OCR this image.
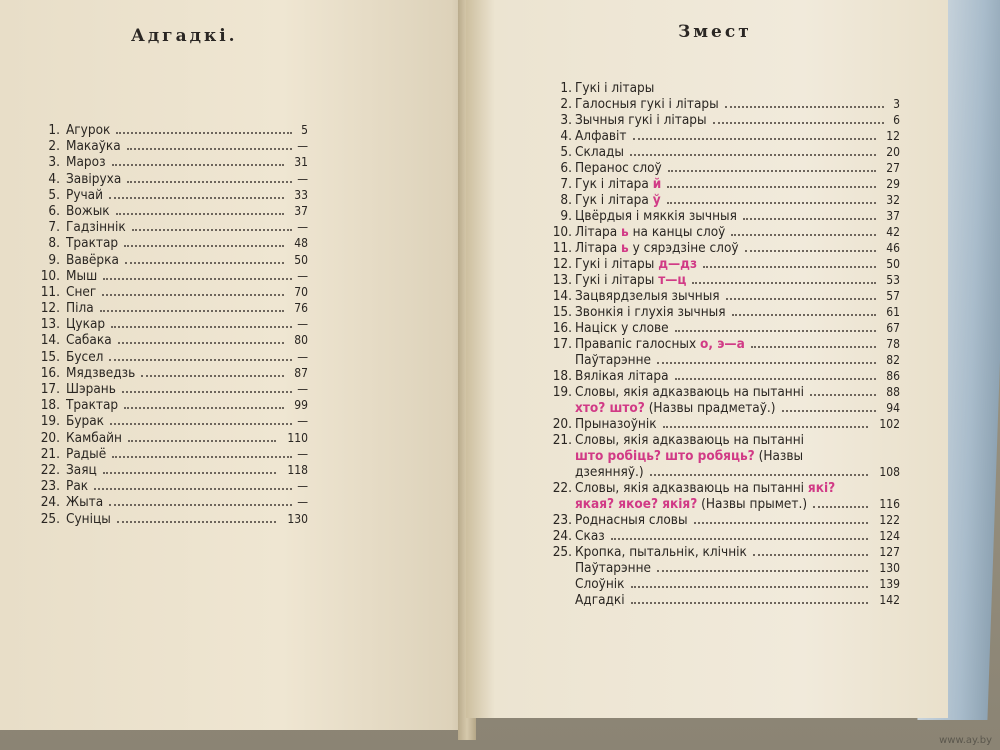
Адгадкі.
1. Агурок	5
2. Макаўка	—
3. Мароз	31
4. Завіруха	—
5. Ручай	33
6. Вожык	37
7. Гадзіннік	—
8. Трактар	48
9. Вавёрка	50
10. Мыш	—
11. Снег	70
12. Піла	76
13. Цукар	—
14. Сабака	80
15. Бусел	—
16. Мядзведзь	87
17. Шэрань	—
18. Трактар	99
19. Бурак	—
20. Камбайн	110
21. Радыё	—
22. Заяц	118
23. Рак	—
24. Жыта	—
25. Суніцы	130
Змест
1. Гукі і літары
2. Галосныя гукі і літары	3
3. Зычныя гукі і літары	6
4. Алфавіт	12
5. Склады	20
6. Перанос слоў	27
7. Гук і літара й	29
8. Гук і літара ў	32
9. Цвёрдыя і мяккія зычныя	37
10. Літара ь на канцы слоў	42
11. Літара ь у сярэдзіне слоў	46
12. Гукі і літары д—дз	50
13. Гукі і літары т—ц	53
14. Зацвярдзелыя зычныя	57
15. Звонкія і глухія зычныя	61
16. Націск у слове	67
17. Правапіс галосных о, э—а	78
Паўтарэнне	82
18. Вялікая літара	86
19. Словы, якія адказваюць на пытанні	88
хто? што? (Назвы прадметаў.)	94
20. Прыназоўнік	102
21. Словы, якія адказваюць на пытанні
што робіць? што робяць? (Назвы
дзеянняў.)	108
22. Словы, якія адказваюць на пытанні які?
якая? якое? якія? (Назвы прымет.)	116
23. Роднасныя словы	122
24. Сказ	124
25. Кропка, пытальнік, клічнік	127
Паўтарэнне	130
Слоўнік	139
Адгадкі	142
www.ay.by
